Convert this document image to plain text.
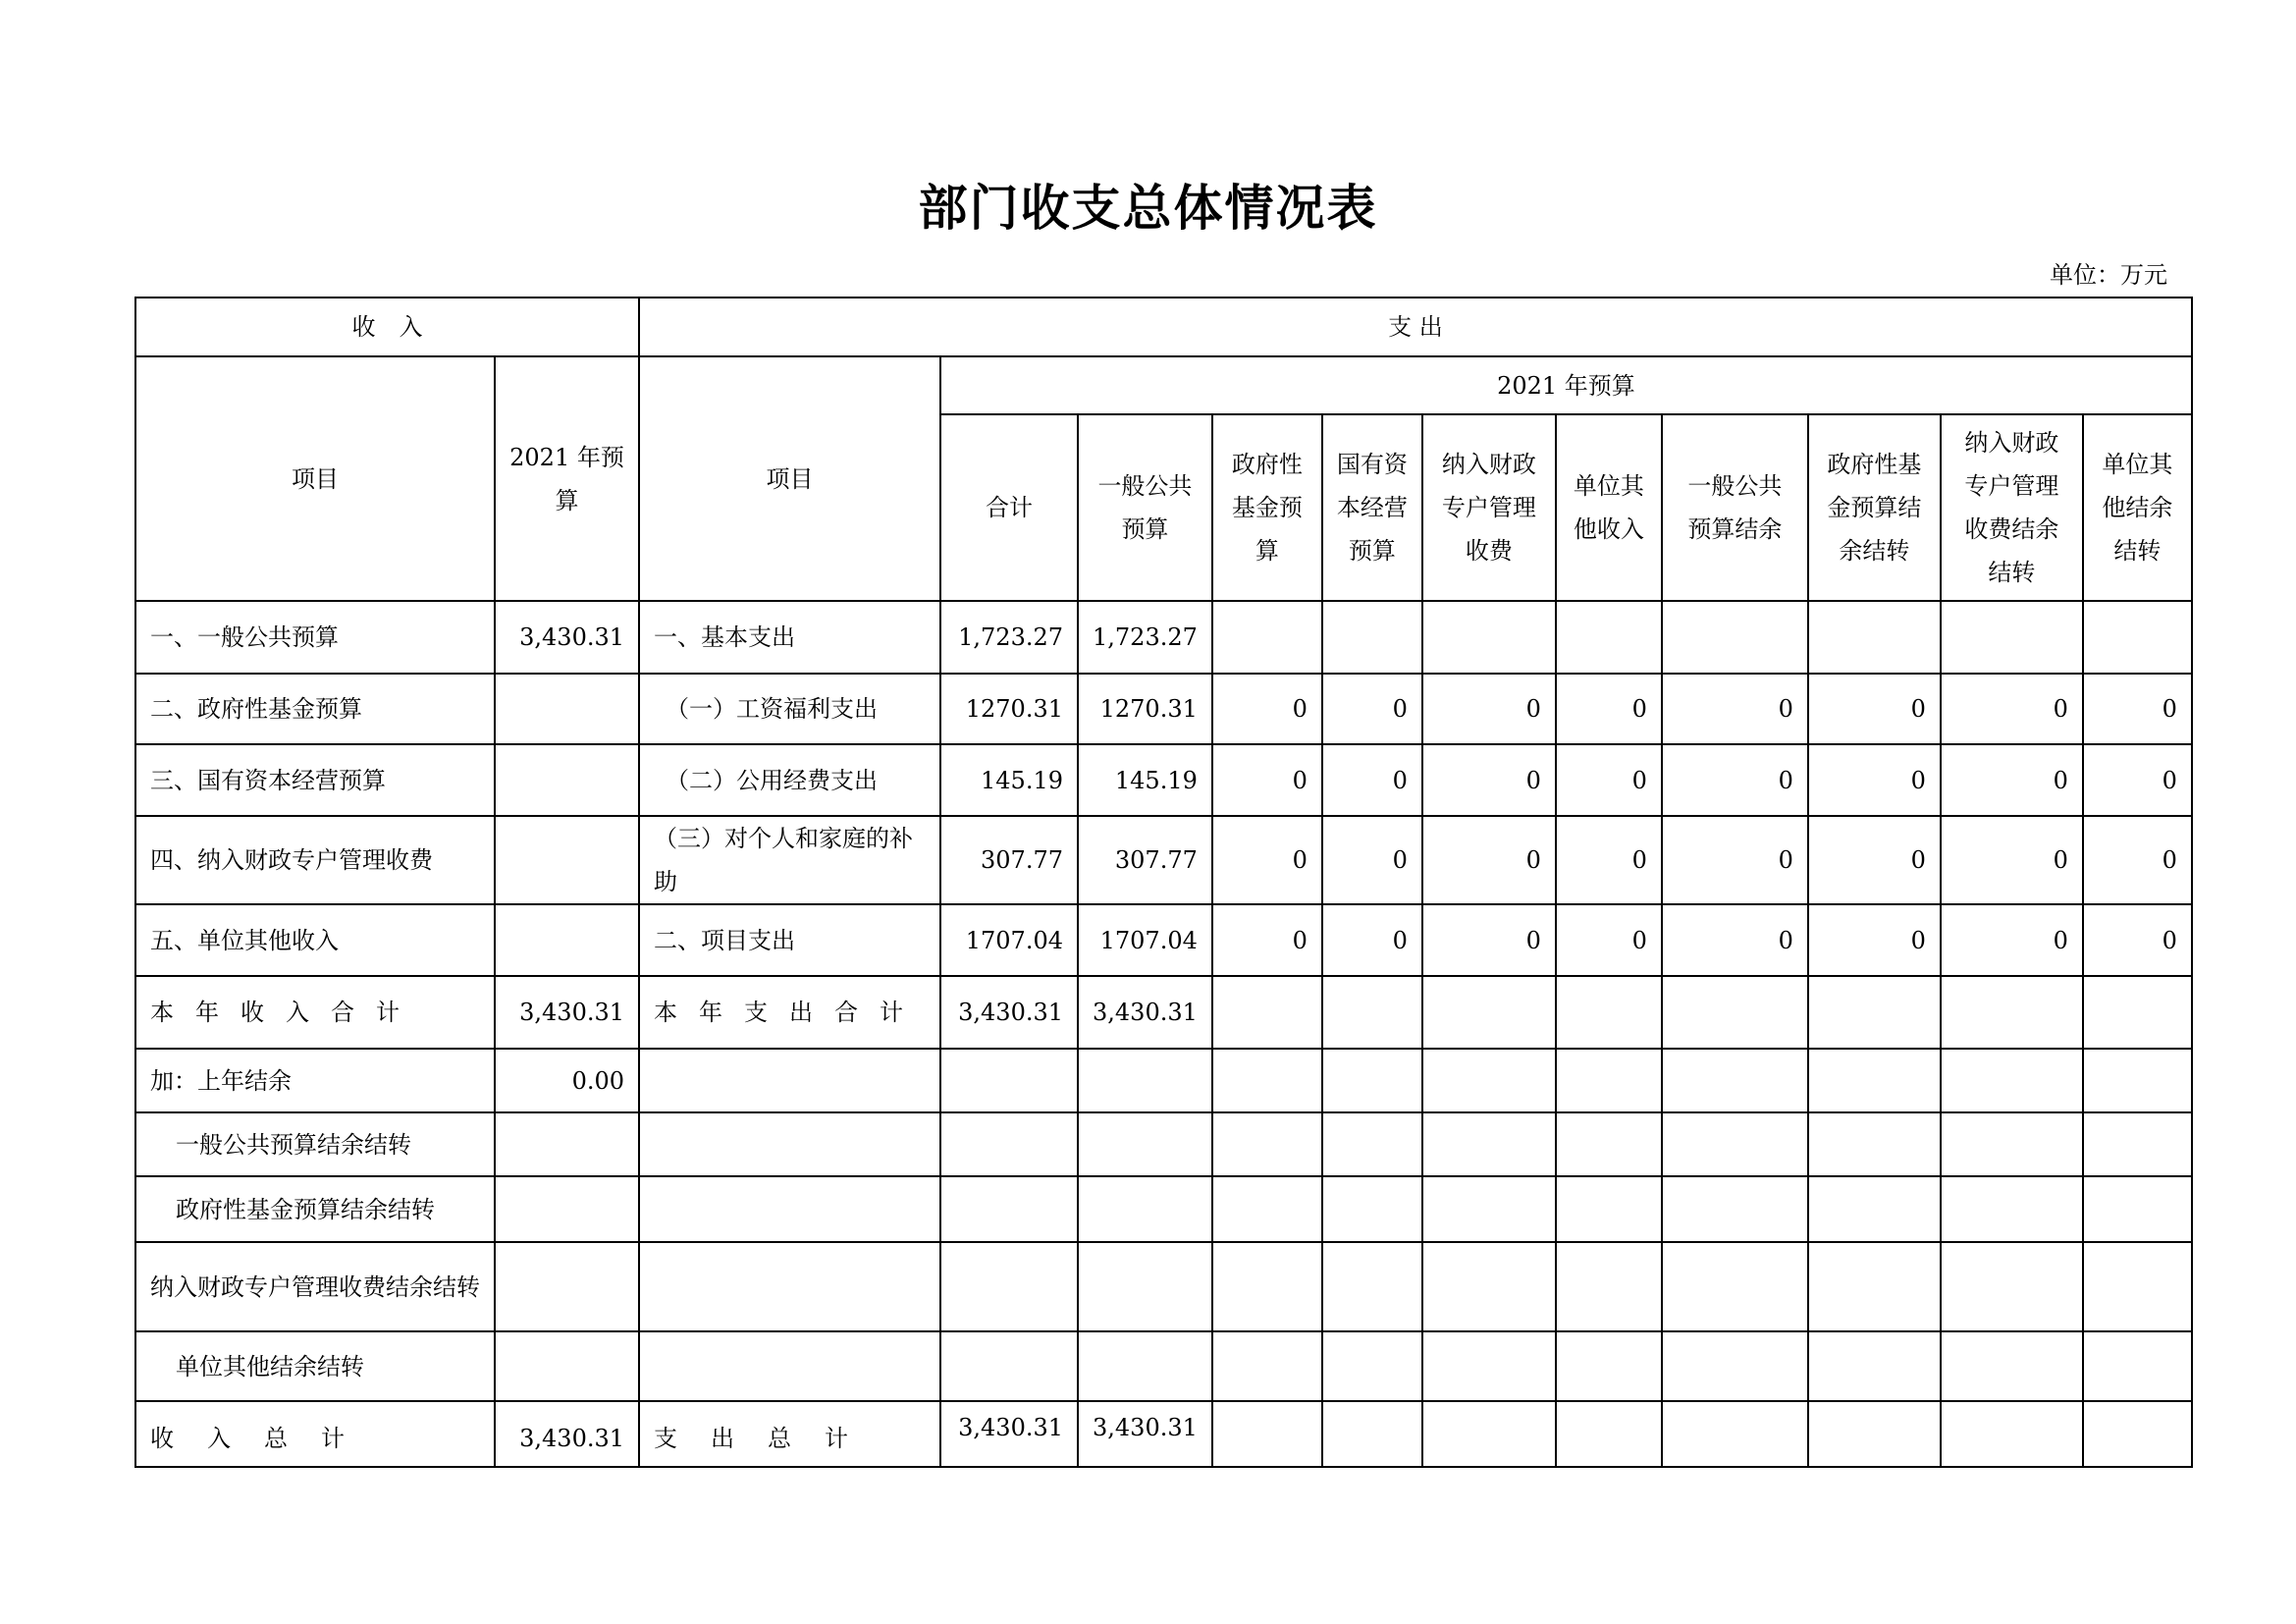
部门收支总体情况表
单位：万元
收　入		支 出										
项目	2021 年预算	项目	2021 年预算									
			合计	一般公共预算	政府性基金预算	国有资本经营预算	纳入财政专户管理收费	单位其他收入	一般公共预算结余	政府性基金预算结余结转	纳入财政专户管理收费结余结转	单位其他结余结转
一、一般公共预算	3,430.31	一、基本支出	1,723.27	1,723.27								
二、政府性基金预算		（一）工资福利支出	1270.31	1270.31	0	0	0	0	0	0	0	0
三、国有资本经营预算		（二）公用经费支出	145.19	145.19	0	0	0	0	0	0	0	0
四、纳入财政专户管理收费		（三）对个人和家庭的补助	307.77	307.77	0	0	0	0	0	0	0	0
五、单位其他收入		二、项目支出	1707.04	1707.04	0	0	0	0	0	0	0	0
本年收入合计	3,430.31	本年支出合计	3,430.31	3,430.31								
加：上年结余	0.00											
一般公共预算结余结转												
政府性基金预算结余结转												
纳入财政专户管理收费结余结转												
单位其他结余结转												
收入总计	3,430.31	支出总计	3,430.31	3,430.31								
